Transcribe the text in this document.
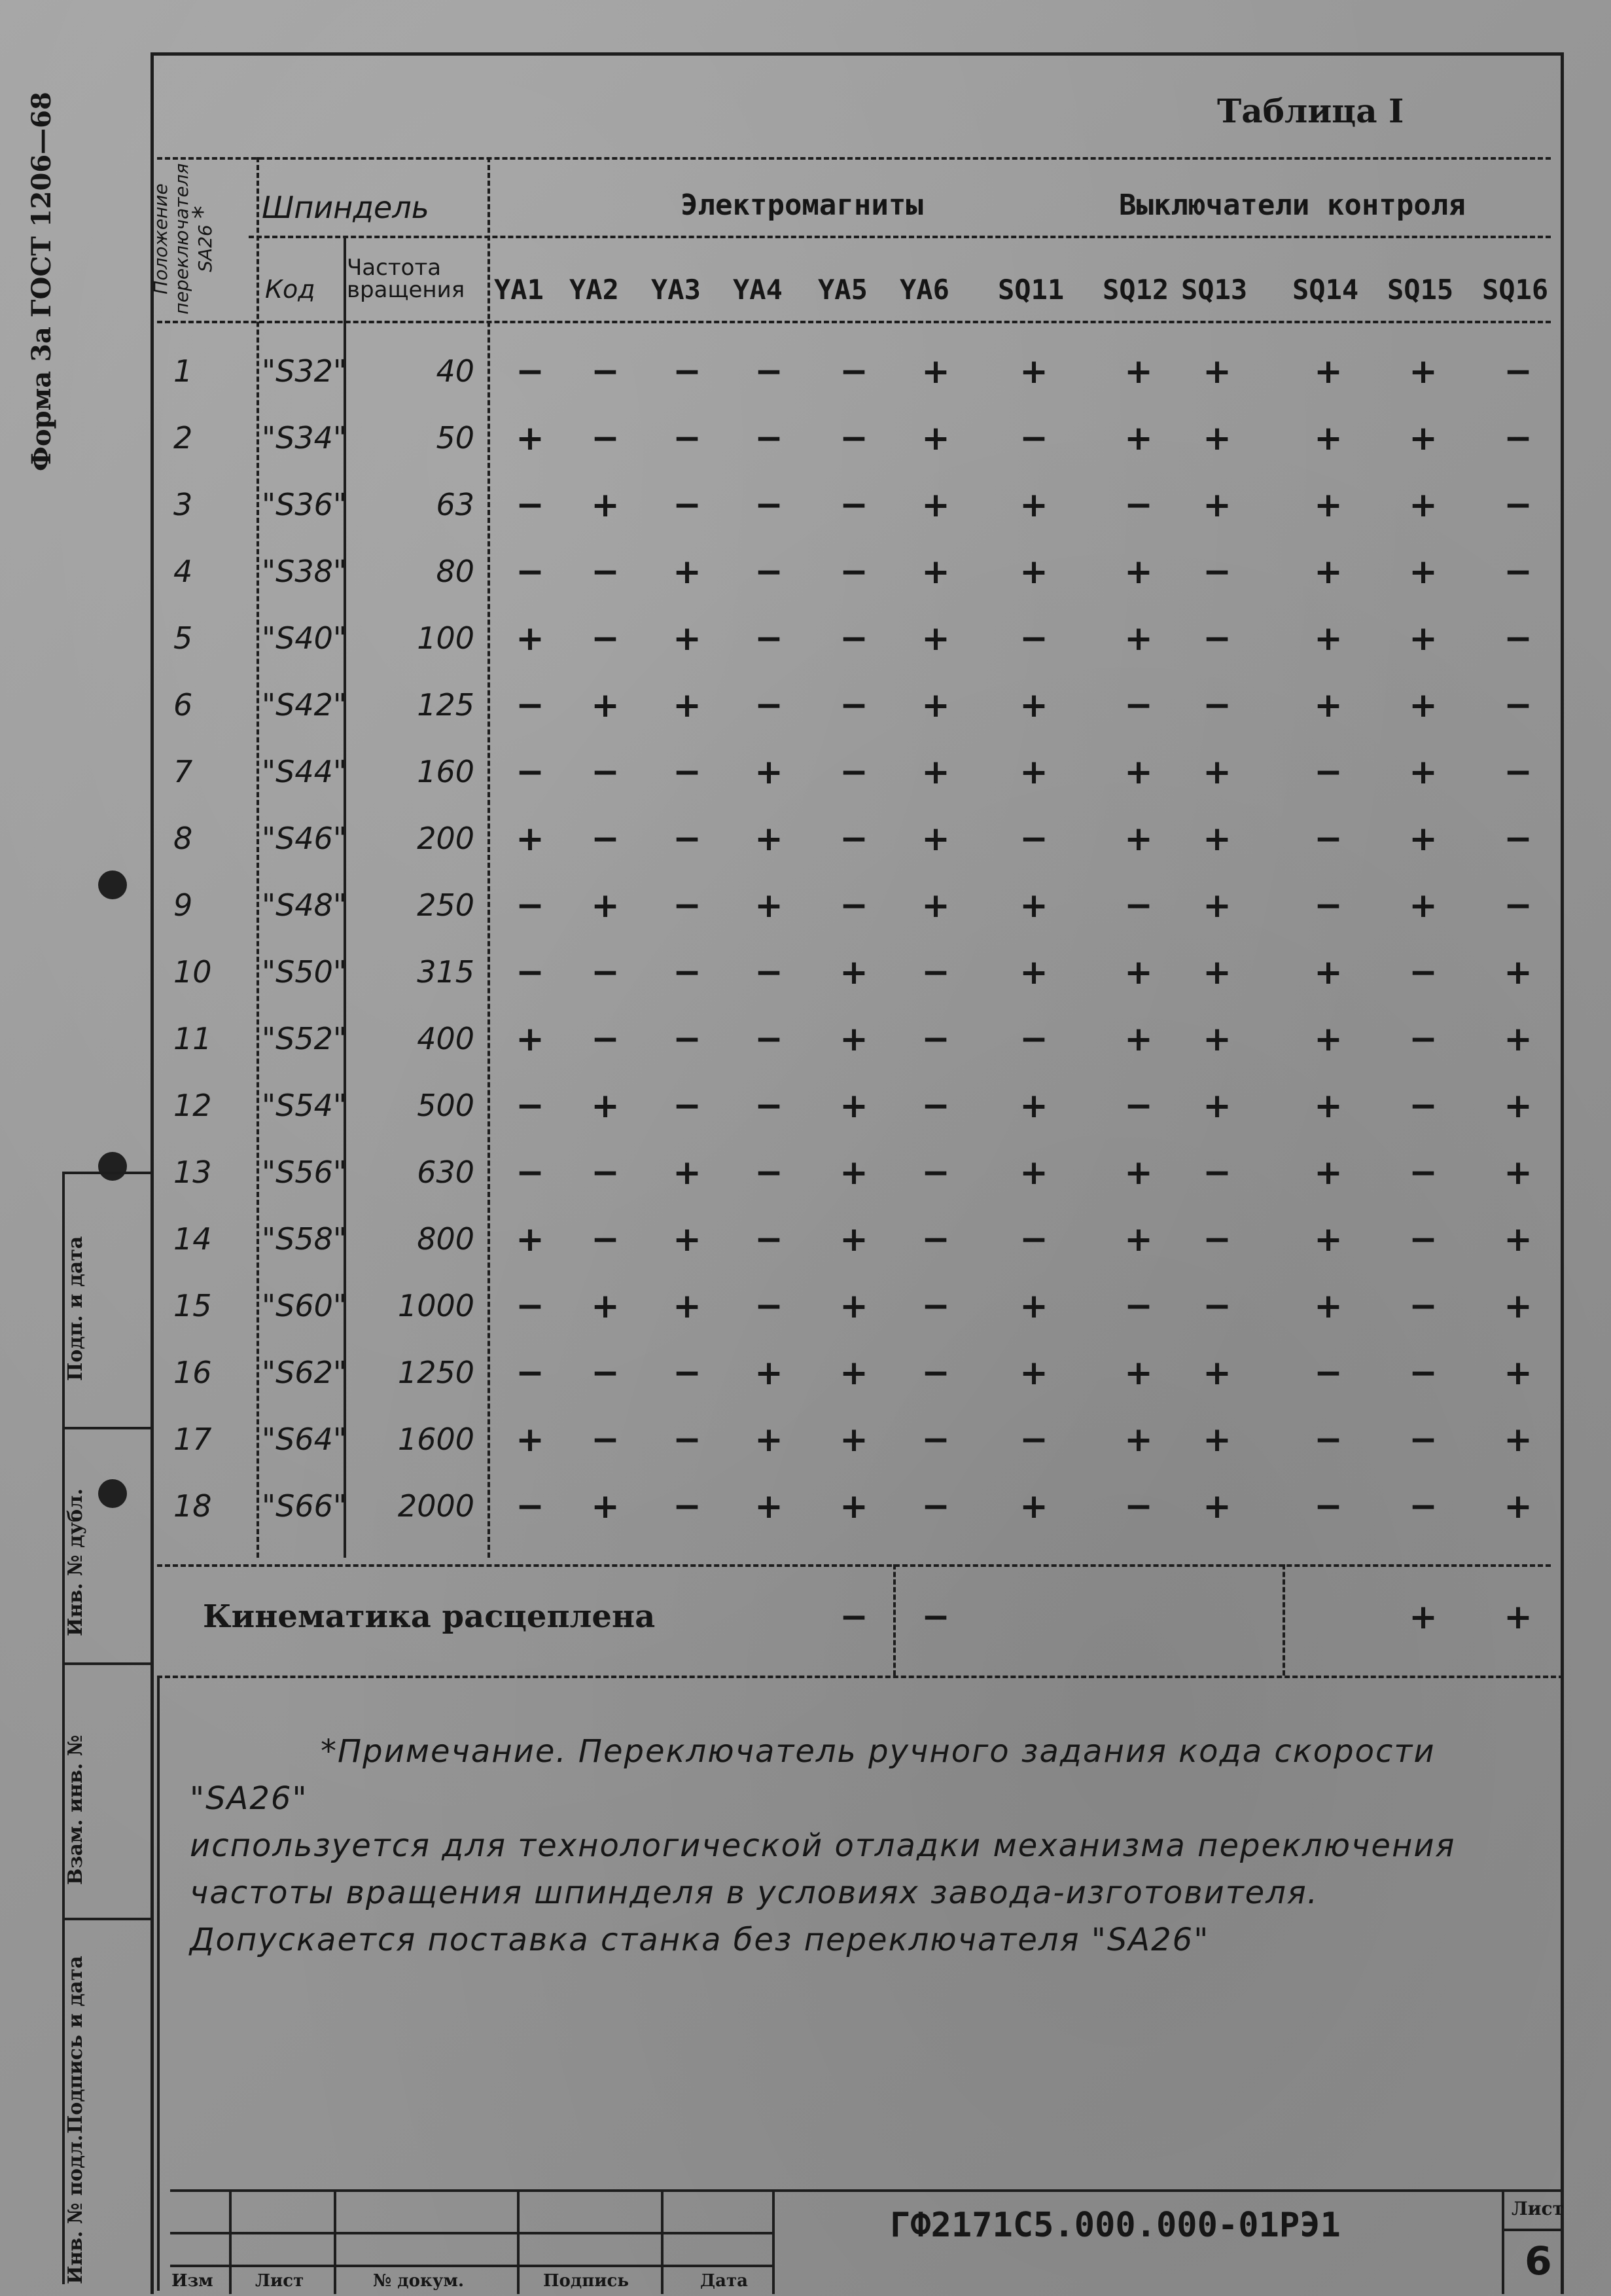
Форма 3а ГОСТ 1206—68
Подп. и дата
Инв. № дубл.
Взам. инв. №
Подпись и дата
Инв. № подл.
Таблица I
Положение переключателя SA26 * Шпиндель
Код
Частота
вращения
Электромагниты	Выключатели контроля
YA1 YA2 YA3 YA4 YA5 YA6 SQ11 SQ12 SQ13 SQ14 SQ15 SQ16
1 "S32"	40 − − − − − + + + + + + −
2 "S34"	50 + − − − − + − + + + + −
3 "S36"	63 − + − − − + + − + + + −
4 "S38"	80 − − + − − + + + − + + −
5 "S40"	100 + − + − − + − + − + + −
6 "S42"	125 − + + − − + + − − + + −
7 "S44"	160 − − − + − + + + + − + −
8 "S46"	200 + − − + − + − + + − + −
9 "S48"	250 − + − + − + + − + − + −
10 "S50"	315 − − − − + − + + + + − +
11 "S52"	400 + − − − + − − + + + − +
12 "S54"	500 − + − − + − + − + + − +
13 "S56"	630 − − + − + − + + − + − +
14 "S58"	800 + − + − + − − + − + − +
15 "S60"	1000 − + + − + − + − − + − +
16 "S62"	1250 − − − + + − + + + − − +
17 "S64"	1600 + − − + + − − + + − − +
18 "S66"	2000 − + − + + − + − + − − +
Кинематика расцеплена	− −	+ +
*Примечание. Переключатель ручного задания кода скорости "SA26"
используется для технологической отладки механизма переключения
частоты вращения шпинделя в условиях завода-изготовителя.
Допускается поставка станка без переключателя "SA26"
ГФ2171С5.000.000-01РЭ1	Лист
6
Изм Лист	№ докум.	Подпись	Дата
